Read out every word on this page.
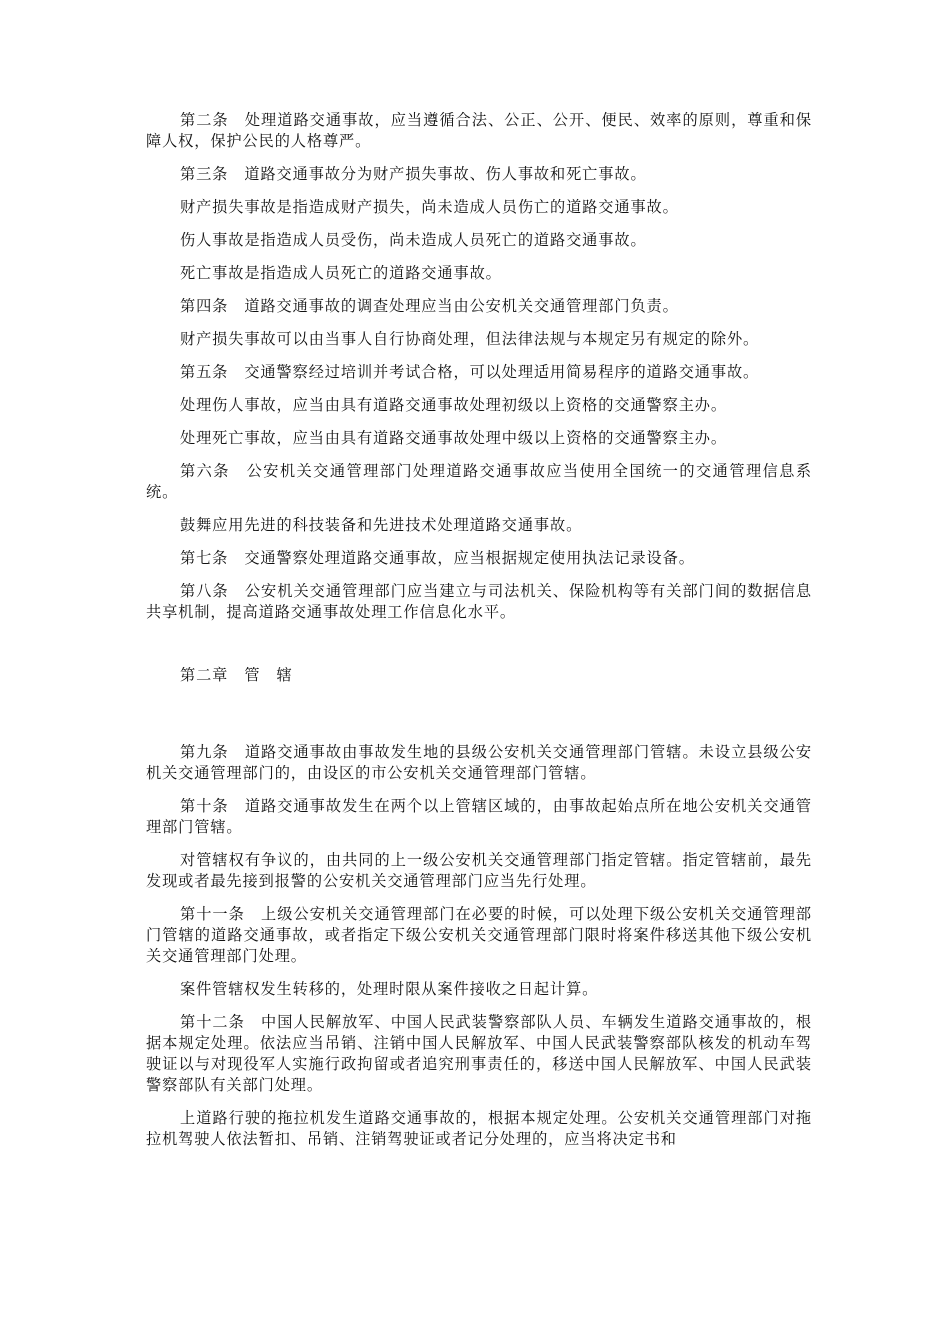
第二条　处理道路交通事故，应当遵循合法、公正、公开、便民、效率的原则，尊重和保障人权，保护公民的人格尊严。

第三条　道路交通事故分为财产损失事故、伤人事故和死亡事故。

财产损失事故是指造成财产损失，尚未造成人员伤亡的道路交通事故。

伤人事故是指造成人员受伤，尚未造成人员死亡的道路交通事故。

死亡事故是指造成人员死亡的道路交通事故。

第四条　道路交通事故的调查处理应当由公安机关交通管理部门负责。

财产损失事故可以由当事人自行协商处理，但法律法规与本规定另有规定的除外。

第五条　交通警察经过培训并考试合格，可以处理适用简易程序的道路交通事故。

处理伤人事故，应当由具有道路交通事故处理初级以上资格的交通警察主办。

处理死亡事故，应当由具有道路交通事故处理中级以上资格的交通警察主办。

第六条　公安机关交通管理部门处理道路交通事故应当使用全国统一的交通管理信息系统。

鼓舞应用先进的科技装备和先进技术处理道路交通事故。

第七条　交通警察处理道路交通事故，应当根据规定使用执法记录设备。

第八条　公安机关交通管理部门应当建立与司法机关、保险机构等有关部门间的数据信息共享机制，提高道路交通事故处理工作信息化水平。

第二章　管　辖

第九条　道路交通事故由事故发生地的县级公安机关交通管理部门管辖。未设立县级公安机关交通管理部门的，由设区的市公安机关交通管理部门管辖。

第十条　道路交通事故发生在两个以上管辖区域的，由事故起始点所在地公安机关交通管理部门管辖。

对管辖权有争议的，由共同的上一级公安机关交通管理部门指定管辖。指定管辖前，最先发现或者最先接到报警的公安机关交通管理部门应当先行处理。

第十一条　上级公安机关交通管理部门在必要的时候，可以处理下级公安机关交通管理部门管辖的道路交通事故，或者指定下级公安机关交通管理部门限时将案件移送其他下级公安机关交通管理部门处理。

案件管辖权发生转移的，处理时限从案件接收之日起计算。

第十二条　中国人民解放军、中国人民武装警察部队人员、车辆发生道路交通事故的，根据本规定处理。依法应当吊销、注销中国人民解放军、中国人民武装警察部队核发的机动车驾驶证以与对现役军人实施行政拘留或者追究刑事责任的，移送中国人民解放军、中国人民武装警察部队有关部门处理。

上道路行驶的拖拉机发生道路交通事故的，根据本规定处理。公安机关交通管理部门对拖拉机驾驶人依法暂扣、吊销、注销驾驶证或者记分处理的，应当将决定书和
